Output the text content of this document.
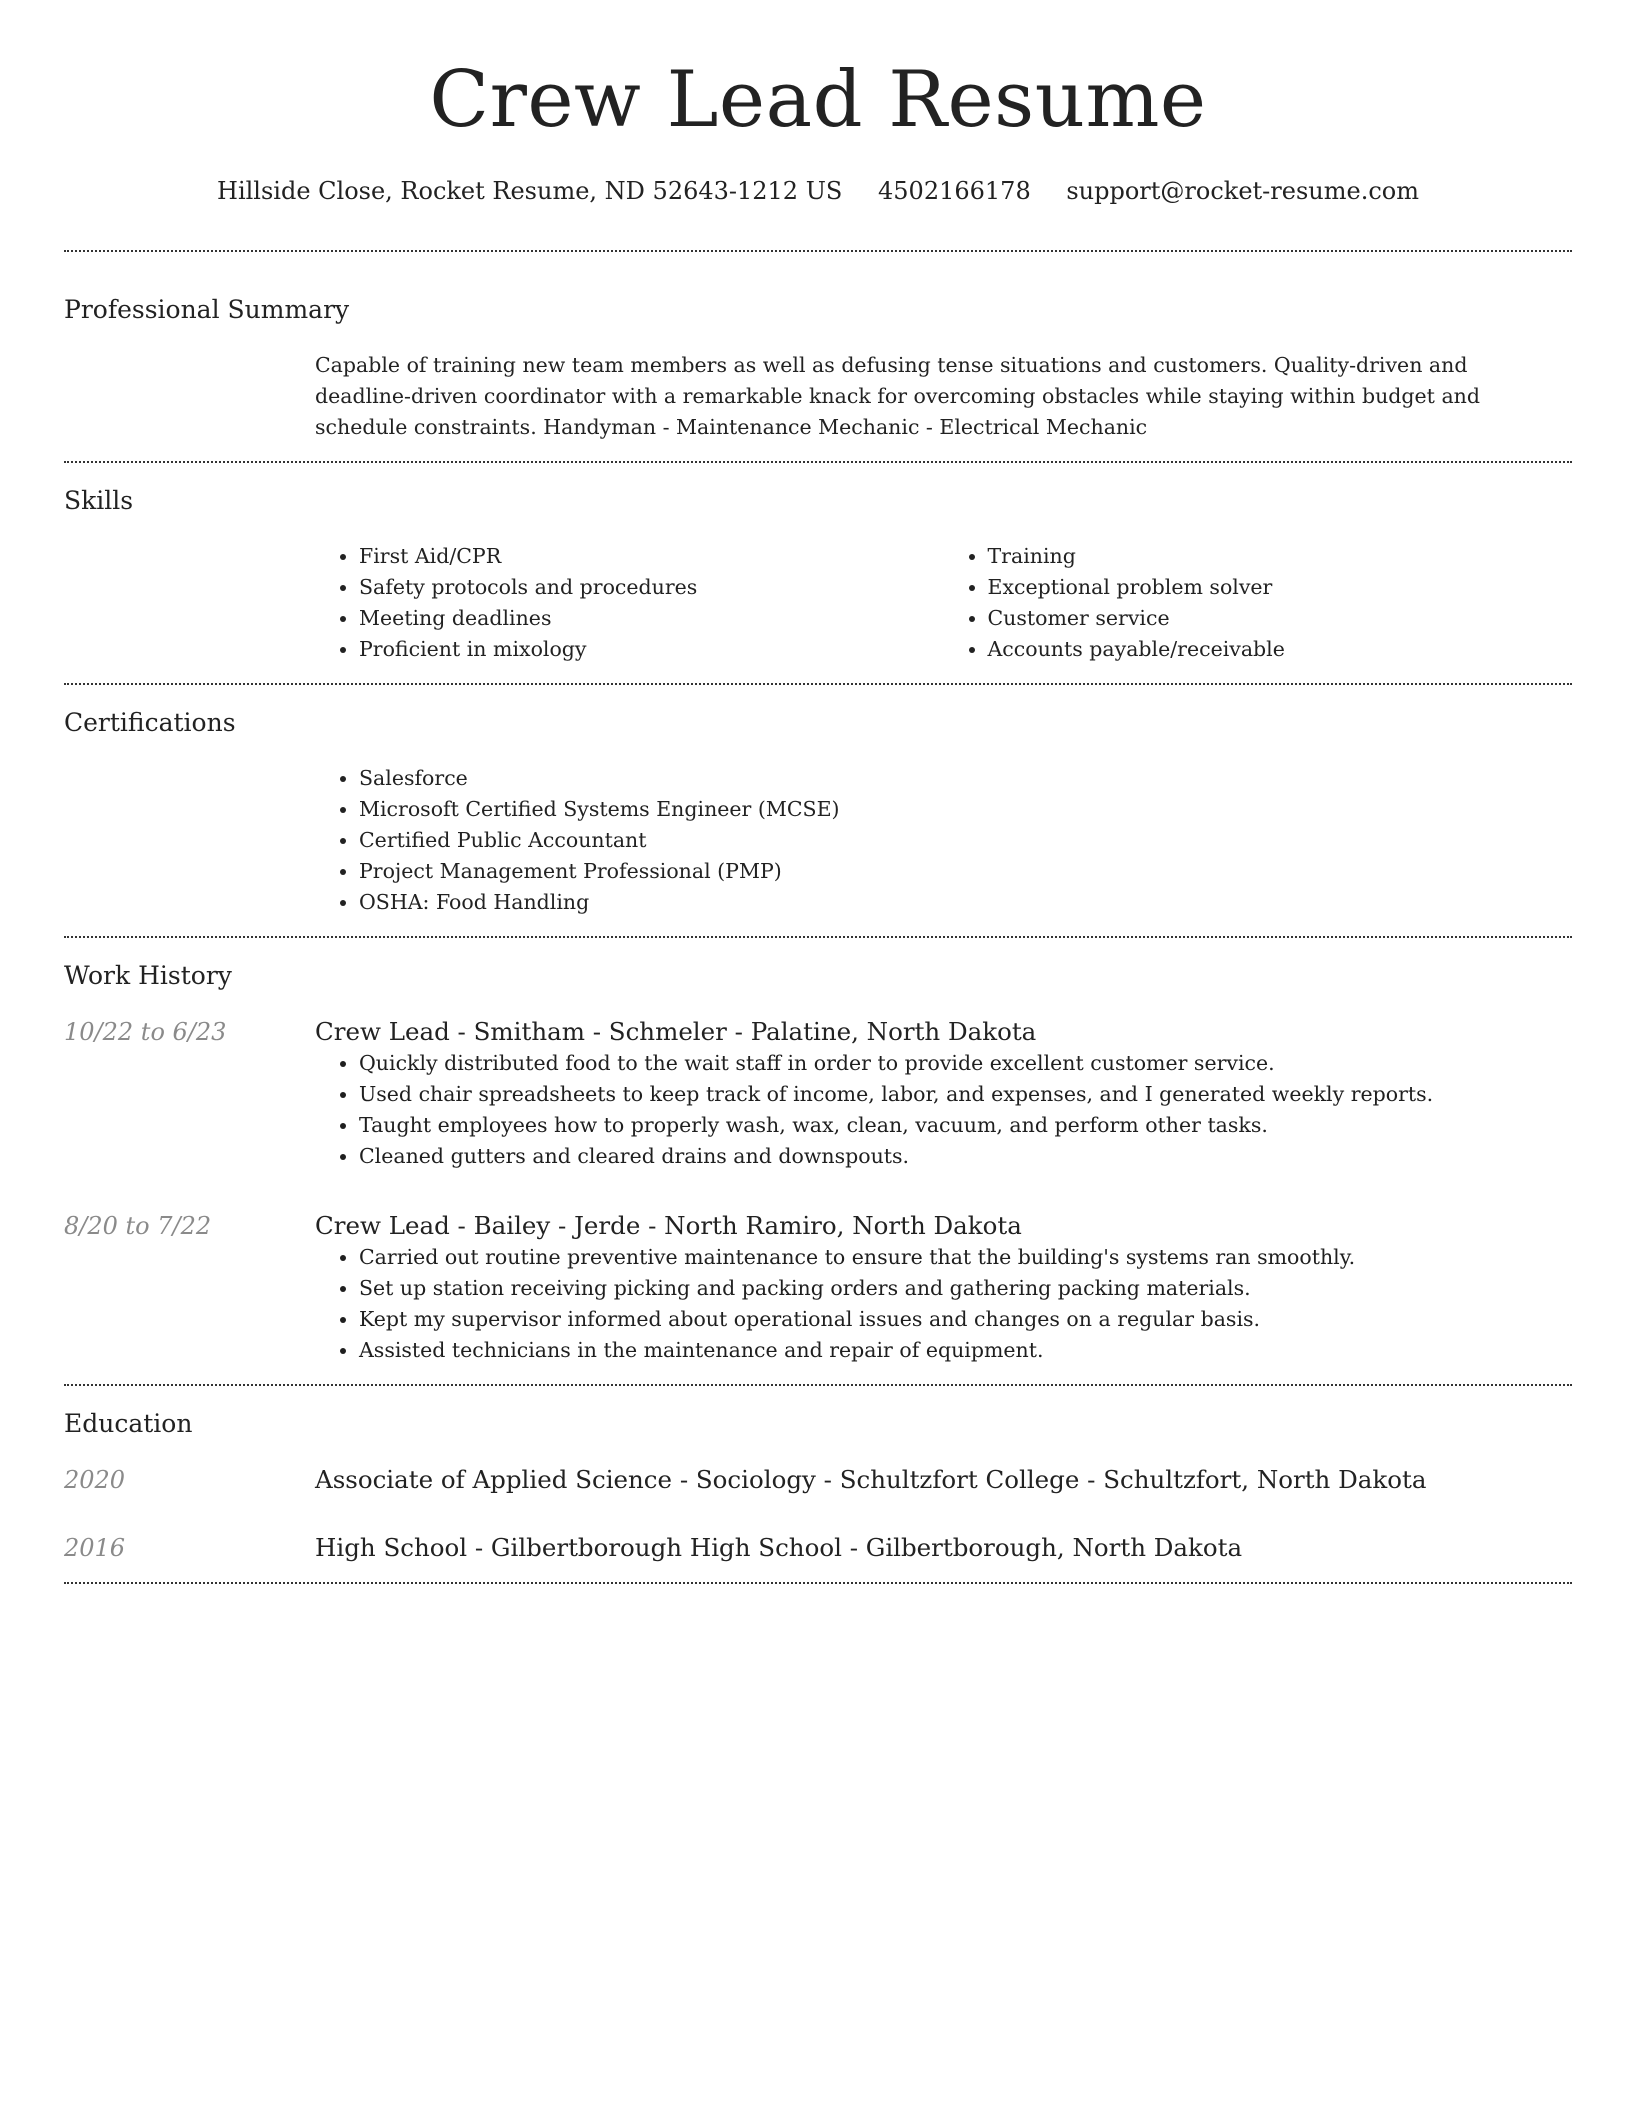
Crew Lead Resume
Hillside Close, Rocket Resume, ND 52643-1212 US 4502166178 support@rocket-resume.com
Professional Summary

Capable of training new team members as well as defusing tense situations and customers. Quality-driven and deadline-driven coordinator with a remarkable knack for overcoming obstacles while staying within budget and schedule constraints. Handyman - Maintenance Mechanic - Electrical Mechanic

Skills
• First Aid/CPR
• Safety protocols and procedures
• Meeting deadlines
• Proficient in mixology
• Training
• Exceptional problem solver
• Customer service
• Accounts payable/receivable
Certifications
• Salesforce
• Microsoft Certified Systems Engineer (MCSE)
• Certified Public Accountant
• Project Management Professional (PMP)
• OSHA: Food Handling
Work History
10/22 to 6/23	Crew Lead - Smitham - Schmeler - Palatine, North Dakota
• Quickly distributed food to the wait staff in order to provide excellent customer service.
• Used chair spreadsheets to keep track of income, labor, and expenses, and I generated weekly reports.
• Taught employees how to properly wash, wax, clean, vacuum, and perform other tasks.
• Cleaned gutters and cleared drains and downspouts.
8/20 to 7/22	Crew Lead - Bailey - Jerde - North Ramiro, North Dakota
• Carried out routine preventive maintenance to ensure that the building's systems ran smoothly.
• Set up station receiving picking and packing orders and gathering packing materials.
• Kept my supervisor informed about operational issues and changes on a regular basis.
• Assisted technicians in the maintenance and repair of equipment.
Education
2020	Associate of Applied Science - Sociology - Schultzfort College - Schultzfort, North Dakota
2016	High School - Gilbertborough High School - Gilbertborough, North Dakota
